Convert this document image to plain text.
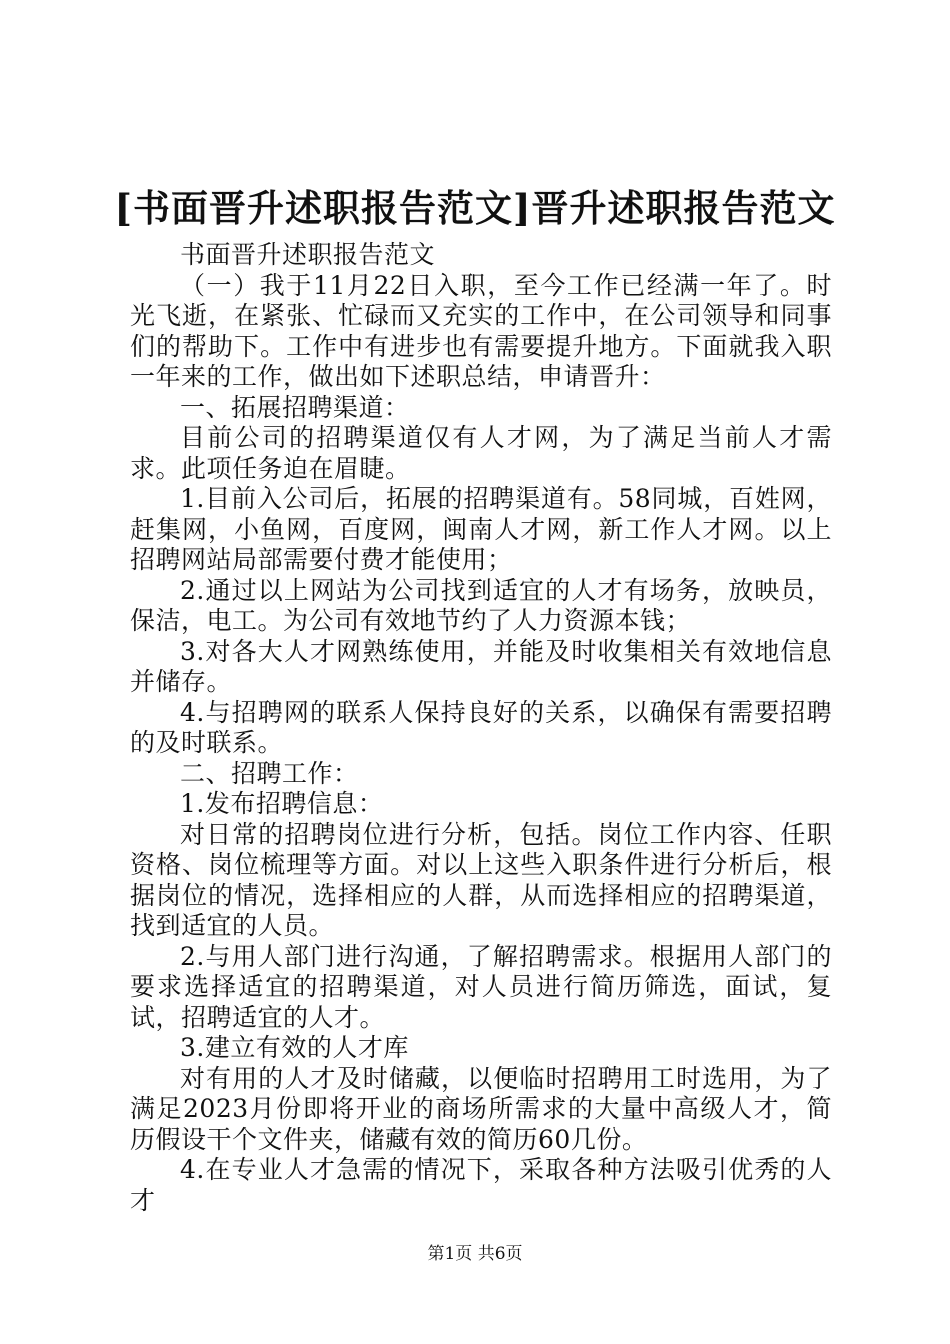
[书面晋升述职报告范文]晋升述职报告范文

书面晋升述职报告范文

（一）我于11月22日入职，至今工作已经满一年了。时光飞逝，在紧张、忙碌而又充实的工作中，在公司领导和同事们的帮助下。工作中有进步也有需要提升地方。下面就我入职一年来的工作，做出如下述职总结，申请晋升：

一、拓展招聘渠道：

目前公司的招聘渠道仅有人才网，为了满足当前人才需求。此项任务迫在眉睫。

1.目前入公司后，拓展的招聘渠道有。58同城，百姓网，赶集网，小鱼网，百度网，闽南人才网，新工作人才网。以上招聘网站局部需要付费才能使用；

2.通过以上网站为公司找到适宜的人才有场务，放映员，保洁，电工。为公司有效地节约了人力资源本钱；

3.对各大人才网熟练使用，并能及时收集相关有效地信息并储存。

4.与招聘网的联系人保持良好的关系，以确保有需要招聘的及时联系。

二、招聘工作：

1.发布招聘信息：

对日常的招聘岗位进行分析，包括。岗位工作内容、任职资格、岗位梳理等方面。对以上这些入职条件进行分析后，根据岗位的情况，选择相应的人群，从而选择相应的招聘渠道，找到适宜的人员。

2.与用人部门进行沟通，了解招聘需求。根据用人部门的要求选择适宜的招聘渠道，对人员进行简历筛选，面试，复试，招聘适宜的人才。

3.建立有效的人才库

对有用的人才及时储藏，以便临时招聘用工时选用，为了满足2023月份即将开业的商场所需求的大量中高级人才，简历假设干个文件夹，储藏有效的简历60几份。

4.在专业人才急需的情况下，采取各种方法吸引优秀的人才

第1页 共6页
